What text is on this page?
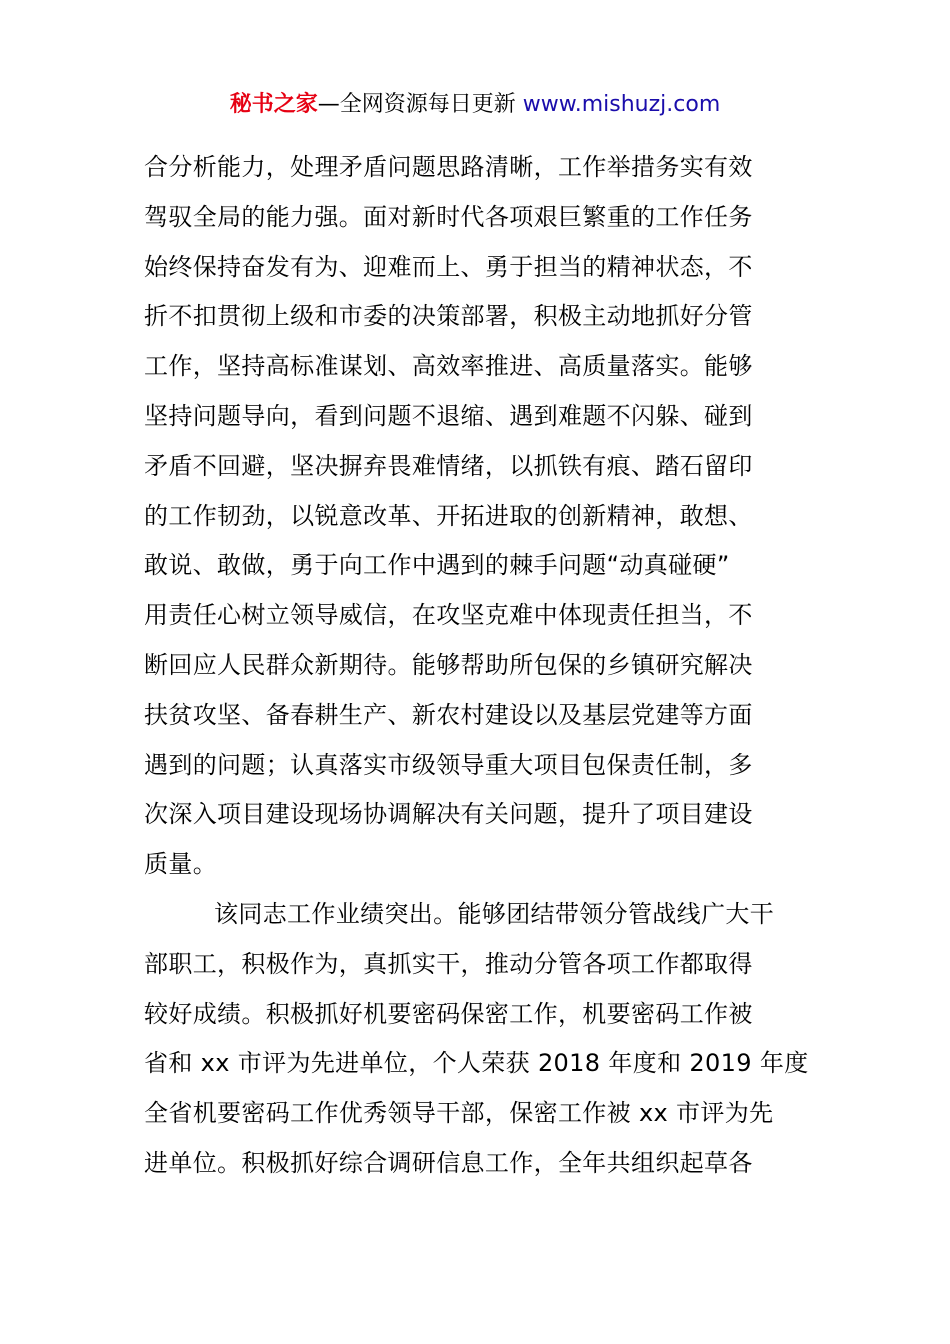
秘书之家—全网资源每日更新 www.mishuzj.com
合分析能力，处理矛盾问题思路清晰，工作举措务实有效
驾驭全局的能力强。面对新时代各项艰巨繁重的工作任务
始终保持奋发有为、迎难而上、勇于担当的精神状态，不
折不扣贯彻上级和市委的决策部署，积极主动地抓好分管
工作，坚持高标准谋划、高效率推进、高质量落实。能够
坚持问题导向，看到问题不退缩、遇到难题不闪躲、碰到
矛盾不回避，坚决摒弃畏难情绪，以抓铁有痕、踏石留印
的工作韧劲，以锐意改革、开拓进取的创新精神，敢想、
敢说、敢做，勇于向工作中遇到的棘手问题“动真碰硬”
用责任心树立领导威信，在攻坚克难中体现责任担当，不
断回应人民群众新期待。能够帮助所包保的乡镇研究解决
扶贫攻坚、备春耕生产、新农村建设以及基层党建等方面
遇到的问题；认真落实市级领导重大项目包保责任制，多
次深入项目建设现场协调解决有关问题，提升了项目建设
质量。
该同志工作业绩突出。能够团结带领分管战线广大干
部职工，积极作为，真抓实干，推动分管各项工作都取得
较好成绩。积极抓好机要密码保密工作，机要密码工作被
省和 xx 市评为先进单位，个人荣获 2018 年度和 2019 年度
全省机要密码工作优秀领导干部，保密工作被 xx 市评为先
进单位。积极抓好综合调研信息工作，全年共组织起草各
